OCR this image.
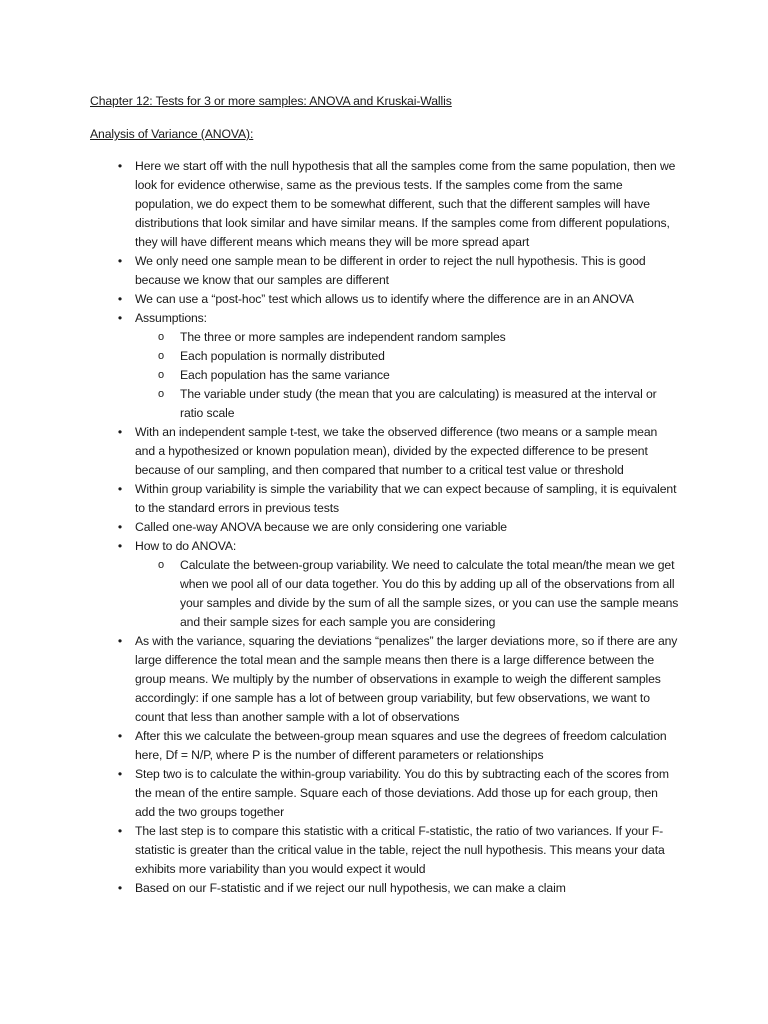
Chapter 12: Tests for 3 or more samples: ANOVA and Kruskai-Wallis

Analysis of Variance (ANOVA):

• Here we start off with the null hypothesis that all the samples come from the same population, then we look for evidence otherwise, same as the previous tests. If the samples come from the same population, we do expect them to be somewhat different, such that the different samples will have distributions that look similar and have similar means. If the samples come from different populations, they will have different means which means they will be more spread apart
• We only need one sample mean to be different in order to reject the null hypothesis. This is good because we know that our samples are different
• We can use a “post-hoc” test which allows us to identify where the difference are in an ANOVA
• Assumptions:
o The three or more samples are independent random samples
o Each population is normally distributed
o Each population has the same variance
o The variable under study (the mean that you are calculating) is measured at the interval or ratio scale
• With an independent sample t-test, we take the observed difference (two means or a sample mean and a hypothesized or known population mean), divided by the expected difference to be present because of our sampling, and then compared that number to a critical test value or threshold
• Within group variability is simple the variability that we can expect because of sampling, it is equivalent to the standard errors in previous tests
• Called one-way ANOVA because we are only considering one variable
• How to do ANOVA:
o Calculate the between-group variability. We need to calculate the total mean/the mean we get when we pool all of our data together. You do this by adding up all of the observations from all your samples and divide by the sum of all the sample sizes, or you can use the sample means and their sample sizes for each sample you are considering
• As with the variance, squaring the deviations “penalizes” the larger deviations more, so if there are any large difference the total mean and the sample means then there is a large difference between the group means. We multiply by the number of observations in example to weigh the different samples accordingly: if one sample has a lot of between group variability, but few observations, we want to count that less than another sample with a lot of observations
• After this we calculate the between-group mean squares and use the degrees of freedom calculation here, Df = N/P, where P is the number of different parameters or relationships
• Step two is to calculate the within-group variability. You do this by subtracting each of the scores from the mean of the entire sample. Square each of those deviations. Add those up for each group, then add the two groups together
• The last step is to compare this statistic with a critical F-statistic, the ratio of two variances. If your F-statistic is greater than the critical value in the table, reject the null hypothesis. This means your data exhibits more variability than you would expect it would
• Based on our F-statistic and if we reject our null hypothesis, we can make a claim
